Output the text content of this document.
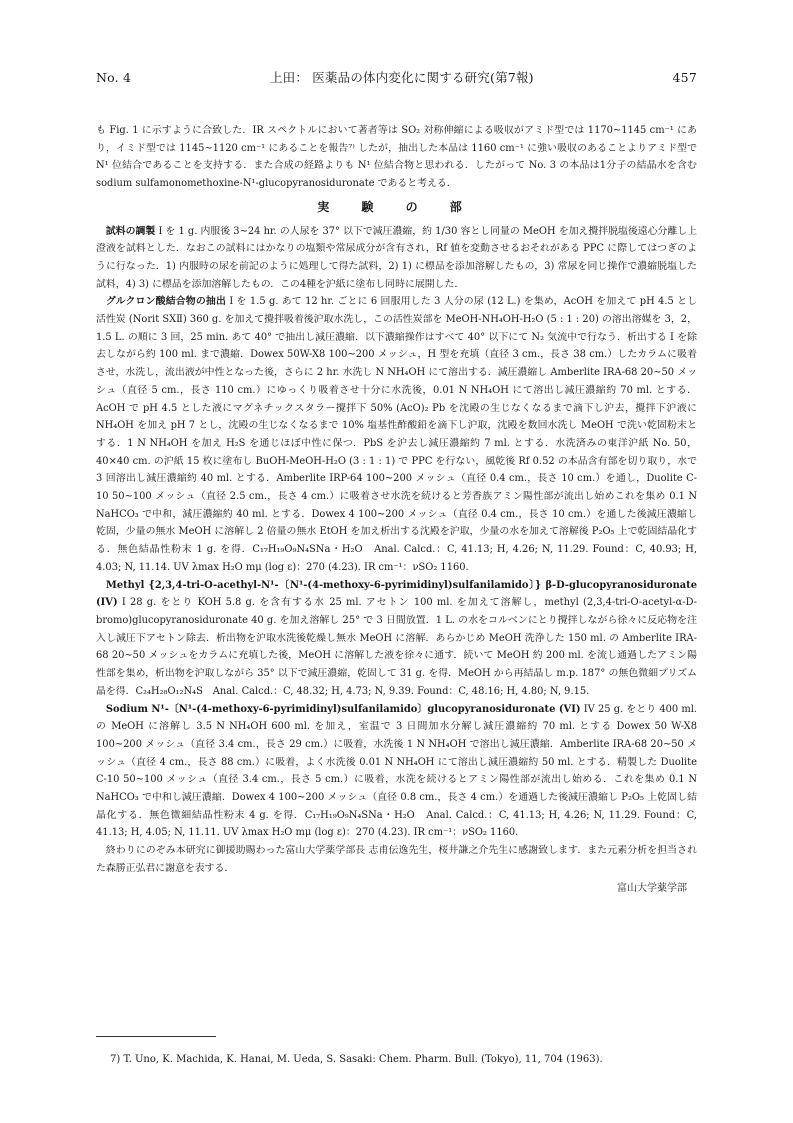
No. 4	上田： 医薬品の体内変化に関する研究(第7報)	457

も Fig. 1 に示すように合致した．IR スペクトルにおいて著者等は SO₂ 対称伸縮による吸収がアミド型では 1170∼1145 cm⁻¹ にあり，イミド型では 1145∼1120 cm⁻¹ にあることを報告⁷⁾ したが，抽出した本品は 1160 cm⁻¹ に強い吸収のあることよりアミド型で N¹ 位結合であることを支持する．また合成の経路よりも N¹ 位結合物と思われる．したがって No. 3 の本品は1分子の結晶水を含む sodium sulfamonomethoxine-N¹-glucopyranosiduronate であると考える．

実 験 の 部

試料の調製 I を 1 g. 内服後 3∼24 hr. の人尿を 37° 以下で減圧濃縮，約 1/30 容とし同量の MeOH を加え攪拌脱塩後遠心分離し上澄液を試料とした．なおこの試料にはかなりの塩類や常尿成分が含有され，Rf 値を変動させるおそれがある PPC に際してはつぎのように行なった．1) 内服時の尿を前記のように処理して得た試料，2) 1) に標品を添加溶解したもの，3) 常尿を同じ操作で濃縮脱塩した試料，4) 3) に標品を添加溶解したもの．この4種を沪紙に塗布し同時に展開した．

グルクロン酸結合物の抽出 I を 1.5 g. あて 12 hr. ごとに 6 回服用した 3 人分の尿 (12 L.) を集め，AcOH を加えて pH 4.5 とし活性炭 (Norit SXⅡ) 360 g. を加えて攪拌吸着後沪取水洗し，この活性炭部を MeOH-NH₄OH-H₂O (5 : 1 : 20) の溶出溶媒を 3，2，1.5 L. の順に 3 回，25 min. あて 40° で抽出し減圧濃縮．以下濃縮操作はすべて 40° 以下にて N₂ 気流中で行なう．析出する I を除去しながら約 100 ml. まで濃縮．Dowex 50W-X8 100∼200 メッシュ，H 型を充填（直径 3 cm.，長さ 38 cm.）したカラムに吸着させ，水洗し，流出液が中性となった後，さらに 2 hr. 水洗し N NH₄OH にて溶出する．減圧濃縮し Amberlite IRA-68 20∼50 メッシュ（直径 5 cm.，長さ 110 cm.）にゆっくり吸着させ十分に水洗後，0.01 N NH₄OH にて溶出し減圧濃縮約 70 ml. とする．AcOH で pH 4.5 とした液にマグネチックスタラー攪拌下 50% (AcO)₂ Pb を沈殿の生じなくなるまで滴下し沪去，攪拌下沪液に NH₄OH を加え pH 7 とし，沈殿の生じなくなるまで 10% 塩基性酢酸鉛を滴下し沪取，沈殿を数回水洗し MeOH で洗い乾固粉末とする．1 N NH₄OH を加え H₂S を通じほぼ中性に保つ．PbS を沪去し減圧濃縮約 7 ml. とする．水洗済みの東洋沪紙 No. 50，40×40 cm. の沪紙 15 枚に塗布し BuOH-MeOH-H₂O (3 : 1 : 1) で PPC を行ない，風乾後 Rf 0.52 の本品含有部を切り取り，水で 3 回溶出し減圧濃縮約 40 ml. とする．Amberlite IRP-64 100∼200 メッシュ（直径 0.4 cm.，長さ 10 cm.）を通し，Duolite C-10 50∼100 メッシュ（直径 2.5 cm.，長さ 4 cm.）に吸着させ水洗を続けると芳香族アミン陽性部が流出し始めこれを集め 0.1 N NaHCO₃ で中和，減圧濃縮約 40 ml. とする．Dowex 4 100∼200 メッシュ（直径 0.4 cm.，長さ 10 cm.）を通した後減圧濃縮し乾固，少量の無水 MeOH に溶解し 2 倍量の無水 EtOH を加え析出する沈殿を沪取，少量の水を加えて溶解後 P₂O₅ 上で乾固結晶化する．無色結晶性粉末 1 g. を得．C₁₇H₁₉O₉N₄SNa・H₂O　Anal. Calcd.：C, 41.13; H, 4.26; N, 11.29. Found：C, 40.93; H, 4.03; N, 11.14. UV λmax H₂O mμ (log ε)：270 (4.23). IR cm⁻¹：νSO₂ 1160.

Methyl {2,3,4-tri-O-acethyl-N¹-〔N¹-(4-methoxy-6-pyrimidinyl)sulfanilamido〕} β-D-glucopyranosiduronate (IV) I 28 g. をとり KOH 5.8 g. を含有する水 25 ml. アセトン 100 ml. を加えて溶解し，methyl (2,3,4-tri-O-acetyl-α-D-bromo)glucopyranosiduronate 40 g. を加え溶解し 25° で 3 日間放置．1 L. の水をコルベンにとり攪拌しながら徐々に反応物を注入し減圧下アセトン除去．析出物を沪取水洗後乾燥し無水 MeOH に溶解．あらかじめ MeOH 洗浄した 150 ml. の Amberlite IRA-68 20∼50 メッシュをカラムに充填した後，MeOH に溶解した液を徐々に通す．続いて MeOH 約 200 ml. を流し通過したアミン陽性部を集め，析出物を沪取しながら 35° 以下で減圧濃縮，乾固して 31 g. を得．MeOH から再結晶し m.p. 187° の無色微細プリズム晶を得．C₂₄H₂₈O₁₂N₄S　Anal. Calcd.：C, 48.32; H, 4.73; N, 9.39. Found：C, 48.16; H, 4.80; N, 9.15.

Sodium N¹-〔N¹-(4-methoxy-6-pyrimidinyl)sulfanilamido〕glucopyranosiduronate (VI) IV 25 g. をとり 400 ml. の MeOH に溶解し 3.5 N NH₄OH 600 ml. を加え，室温で 3 日間加水分解し減圧濃縮約 70 ml. とする Dowex 50 W-X8 100∼200 メッシュ（直径 3.4 cm.，長さ 29 cm.）に吸着，水洗後 1 N NH₄OH で溶出し減圧濃縮．Amberlite IRA-68 20∼50 メッシュ（直径 4 cm.，長さ 88 cm.）に吸着，よく水洗後 0.01 N NH₄OH にて溶出し減圧濃縮約 50 ml. とする．精製した Duolite C-10 50∼100 メッシュ（直径 3.4 cm.，長さ 5 cm.）に吸着，水洗を続けるとアミン陽性部が流出し始める．これを集め 0.1 N NaHCO₃ で中和し減圧濃縮．Dowex 4 100∼200 メッシュ（直径 0.8 cm.，長さ 4 cm.）を通過した後減圧濃縮し P₂O₅ 上乾固し結晶化する．無色微細結晶性粉末 4 g. を得．C₁₇H₁₉O₉N₄SNa・H₂O　Anal. Calcd.：C, 41.13; H, 4.26; N, 11.29. Found：C, 41.13; H, 4.05; N, 11.11. UV λmax H₂O mμ (log ε)：270 (4.23). IR cm⁻¹：νSO₂ 1160.

終わりにのぞみ本研究に御援助賜わった富山大学薬学部長 志甫伝逸先生，桜井謙之介先生に感謝致します．また元素分析を担当された森勝正弘君に謝意を表する．

富山大学薬学部
7) T. Uno, K. Machida, K. Hanai, M. Ueda, S. Sasaki: Chem. Pharm. Bull. (Tokyo), 11, 704 (1963).
